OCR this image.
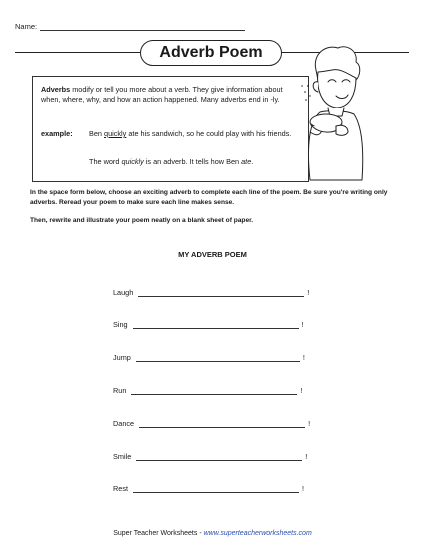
Name:
Adverb Poem
Adverbs modify or tell you more about a verb. They give information about when, where, why, and how an action happened. Many adverbs end in -ly.
example: Ben quickly ate his sandwich, so he could play with his friends.
The word quickly is an adverb. It tells how Ben ate.
In the space form below, choose an exciting adverb to complete each line of the poem. Be sure you're writing only adverbs. Reread your poem to make sure each line makes sense.
Then, rewrite and illustrate your poem neatly on a blank sheet of paper.
MY ADVERB POEM
Laugh	!
Sing	!
Jump	!
Run	!
Dance	!
Smile	!
Rest	!
Super Teacher Worksheets - www.superteacherworksheets.com
